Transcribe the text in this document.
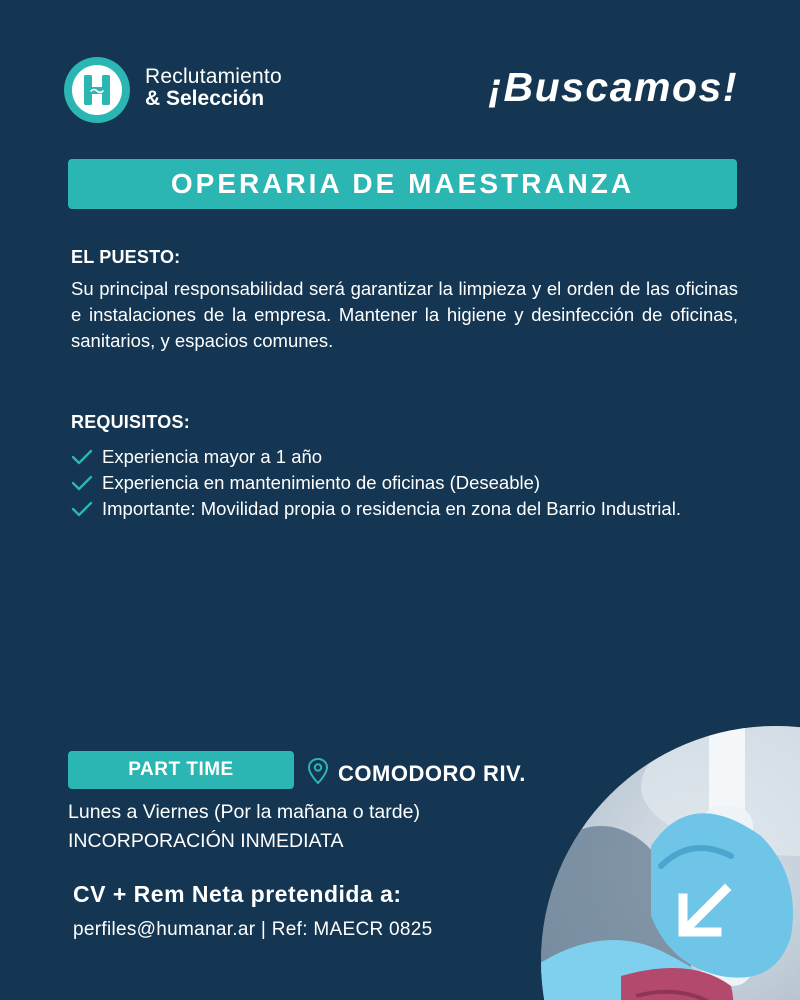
Reclutamiento
& Selección	¡Buscamos!
OPERARIA DE MAESTRANZA
EL PUESTO:

Su principal responsabilidad será garantizar la limpieza y el orden de las oficinas e instalaciones de la empresa. Mantener la higiene y desinfección de oficinas, sanitarios, y espacios comunes.

REQUISITOS:
Experiencia mayor a 1 año
Experiencia en mantenimiento de oficinas (Deseable)
Importante: Movilidad propia o residencia en zona del Barrio Industrial.
PART TIME	COMODORO RIV.
Lunes a Viernes (Por la mañana o tarde)
INCORPORACIÓN INMEDIATA
CV + Rem Neta pretendida a:
perfiles@humanar.ar | Ref: MAECR 0825
